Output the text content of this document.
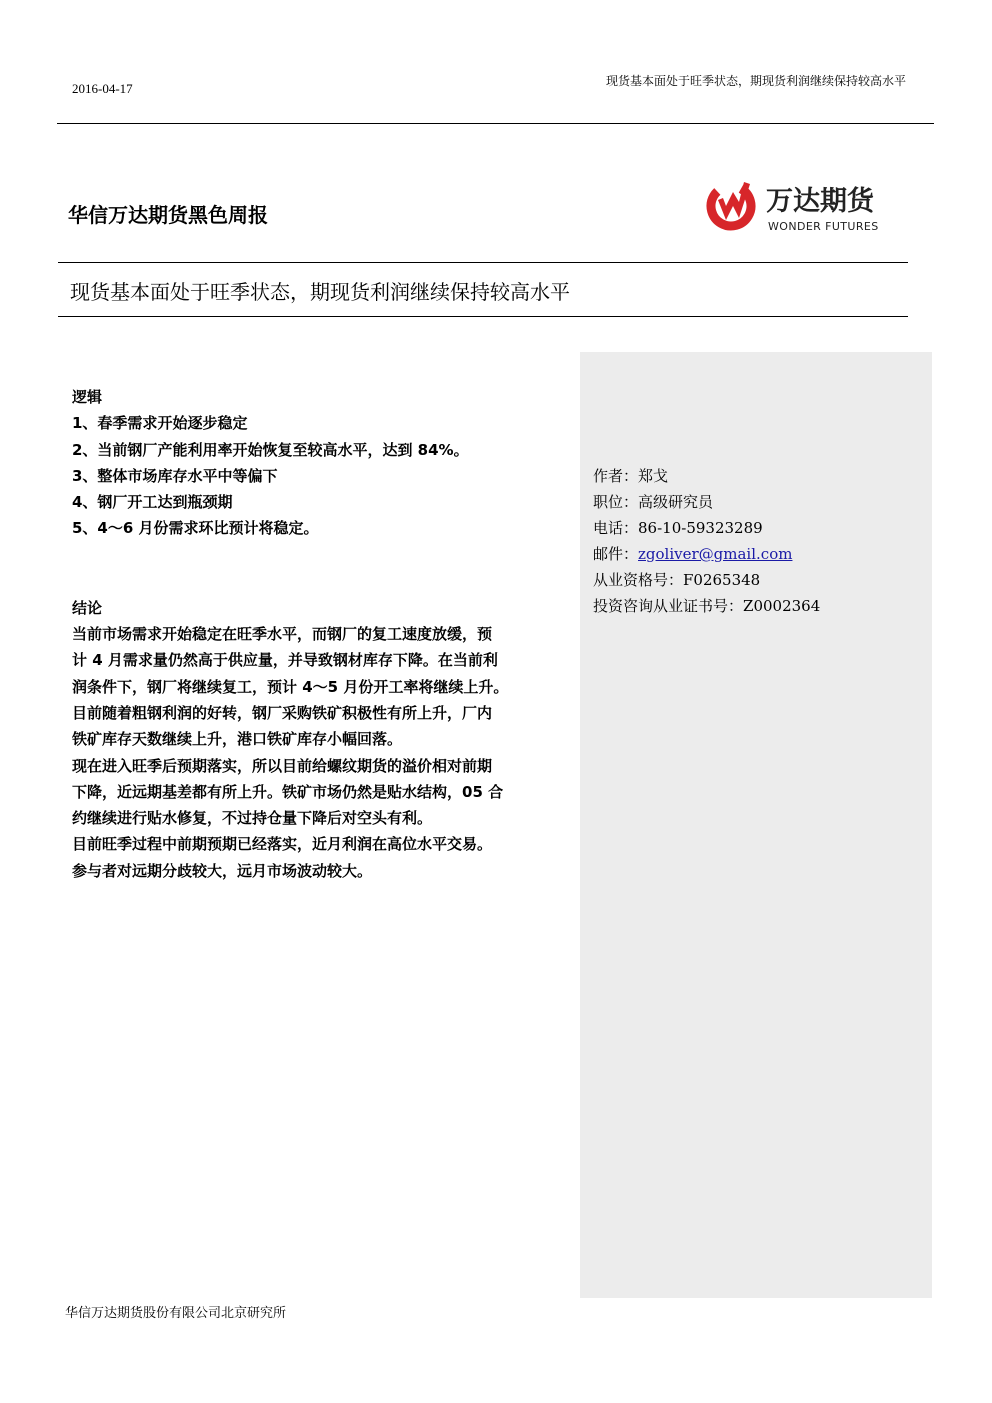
2016-04-17	现货基本面处于旺季状态，期现货利润继续保持较高水平
华信万达期货黑色周报	万达期货
WONDER FUTURES
现货基本面处于旺季状态，期现货利润继续保持较高水平
逻辑
1、春季需求开始逐步稳定
2、当前钢厂产能利用率开始恢复至较高水平，达到 84%。
3、整体市场库存水平中等偏下
4、钢厂开工达到瓶颈期
5、4～6 月份需求环比预计将稳定。
结论
当前市场需求开始稳定在旺季水平，而钢厂的复工速度放缓，预
计 4 月需求量仍然高于供应量，并导致钢材库存下降。在当前利
润条件下，钢厂将继续复工，预计 4～5 月份开工率将继续上升。
目前随着粗钢利润的好转，钢厂采购铁矿积极性有所上升，厂内
铁矿库存天数继续上升，港口铁矿库存小幅回落。
现在进入旺季后预期落实，所以目前给螺纹期货的溢价相对前期
下降，近远期基差都有所上升。铁矿市场仍然是贴水结构，05 合
约继续进行贴水修复，不过持仓量下降后对空头有利。
目前旺季过程中前期预期已经落实，近月利润在高位水平交易。
参与者对远期分歧较大，远月市场波动较大。
作者：郑戈
职位：高级研究员
电话：86-10-59323289
邮件：zgoliver@gmail.com
从业资格号：F0265348
投资咨询从业证书号：Z0002364
华信万达期货股份有限公司北京研究所
